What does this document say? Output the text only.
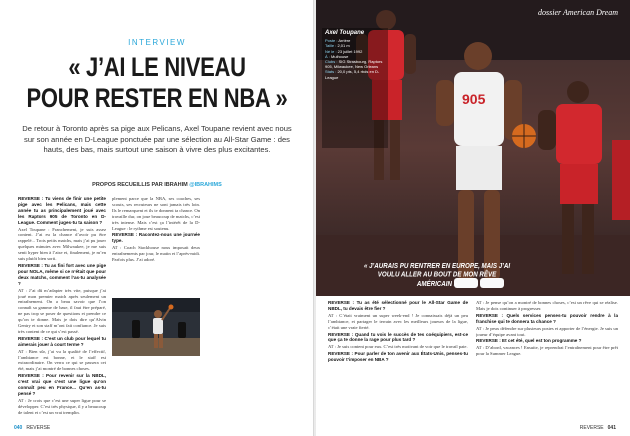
INTERVIEW
« J’AI LE NIVEAU
POUR RESTER EN NBA »
De retour à Toronto après sa pige aux Pelicans, Axel Toupane revient avec nous sur son année en D-League ponctuée par une sélection au All-Star Game : des hauts, des bas, mais surtout une saison à vivre des plus excitantes.
PROPOS RECUEILLIS PAR IBRAHIM @IBRAHIMS

REVERSE : Tu viens de finir une petite pige avec les Pelicans, mais cette année tu as principalement joué avec les Raptors 905 de Toronto en D-League. Comment juges-tu ta saison ?

Axel Toupane : Franchement, je suis assez content. J’ai eu la chance d’avoir pu être rappelé... Trois petits matchs, mais j’ai pu jouer quelques minutes avec Milwaukee, je me suis senti hyper bien à l’aise et, finalement, je m’en suis plutôt bien sorti.

REVERSE : Tu as fini fort avec une pige pour NOLA, même si ce n’était que pour deux matchs, comment l’as-tu analysée ?

AT : J’ai dû m’adapter très vite, puisque j’ai joué mon premier match après seulement un entraînement. On a beau savoir que l’on connaît sa gamme de base, il faut être préparé, ne pas trop se poser de questions et prendre ce qu’on te donne. Mais je dois dire qu’Alvin Gentry et son staff m’ont fait confiance. Je suis très content de ce qui s’est passé.

REVERSE : C’est un club pour lequel tu aimerais jouer à court terme ?

AT : Bien sûr, j’ai vu la qualité de l’effectif, l’ambiance est bonne, et le staff est extraordinaire. On verra ce qui se passera cet été, mais j’ai montré de bonnes choses.

REVERSE : Pour revenir sur la NBDL, c’est vrai que c’est une ligue qu’on connaît peu en France... Qu’en as-tu pensé ?

AT : Je crois que c’est une super ligue pour se développer. C’est très physique, il y a beaucoup de talent et c’est un vrai tremplin.

plement parce que la NBA, ses coaches, ses scouts, ses recruteurs ne sont jamais très loin. Ils le remarquent et ils te donnent ta chance. On travaille dur, on joue beaucoup de matchs, c’est très intense. Mais c’est ça l’intérêt de la D-League : le rythme est soutenu.

REVERSE : Racontez-nous une journée type.

AT : Coach Stackhouse nous imposait deux entraînements par jour, le matin et l’après-midi. Parfois plus. J’ai adoré.

040 REVERSE
905
dossier American Dream
Axel Toupane
Poste : Arrière
Taille : 2,01 m
Né le : 23 juillet 1992
À : Mulhouse
Clubs : SIG Strasbourg, Raptors 905, Milwaukee, New Orleans
Stats : 20,0 pts, 5,4 rbds en D-League
« J’AURAIS PU RENTRER EN EUROPE, MAIS J’AI VOULU ALLER AU BOUT DE MON RÊVE AMÉRICAIN »

REVERSE : Tu as été sélectionné pour le All-Star Game de NBDL, tu devais être fier ?

AT : C’était vraiment un super week-end ! Je connaissais déjà un peu l’ambiance, et partager le terrain avec les meilleurs joueurs de la ligue, c’était une vraie fierté.

REVERSE : Quand tu vois le succès de tes coéquipiers, est-ce que ça te donne la rage pour plus tard ?

AT : Je suis content pour eux. C’est très motivant de voir que le travail paie.

REVERSE : Pour parler de ton avenir aux États-Unis, penses-tu pouvoir t’imposer en NBA ?

AT : Je pense qu’on a montré de bonnes choses, c’est un rêve qui se réalise. Mais je dois continuer à progresser.

REVERSE : Quels services penses-tu pouvoir rendre à la franchise qui te donnera ta chance ?

AT : Je peux défendre sur plusieurs postes et apporter de l’énergie. Je suis un joueur d’équipe avant tout.

REVERSE : Et cet été, quel est ton programme ?

AT : D’abord, vacances ! Ensuite, je reprendrai l’entraînement pour être prêt pour la Summer League.

REVERSE 041
